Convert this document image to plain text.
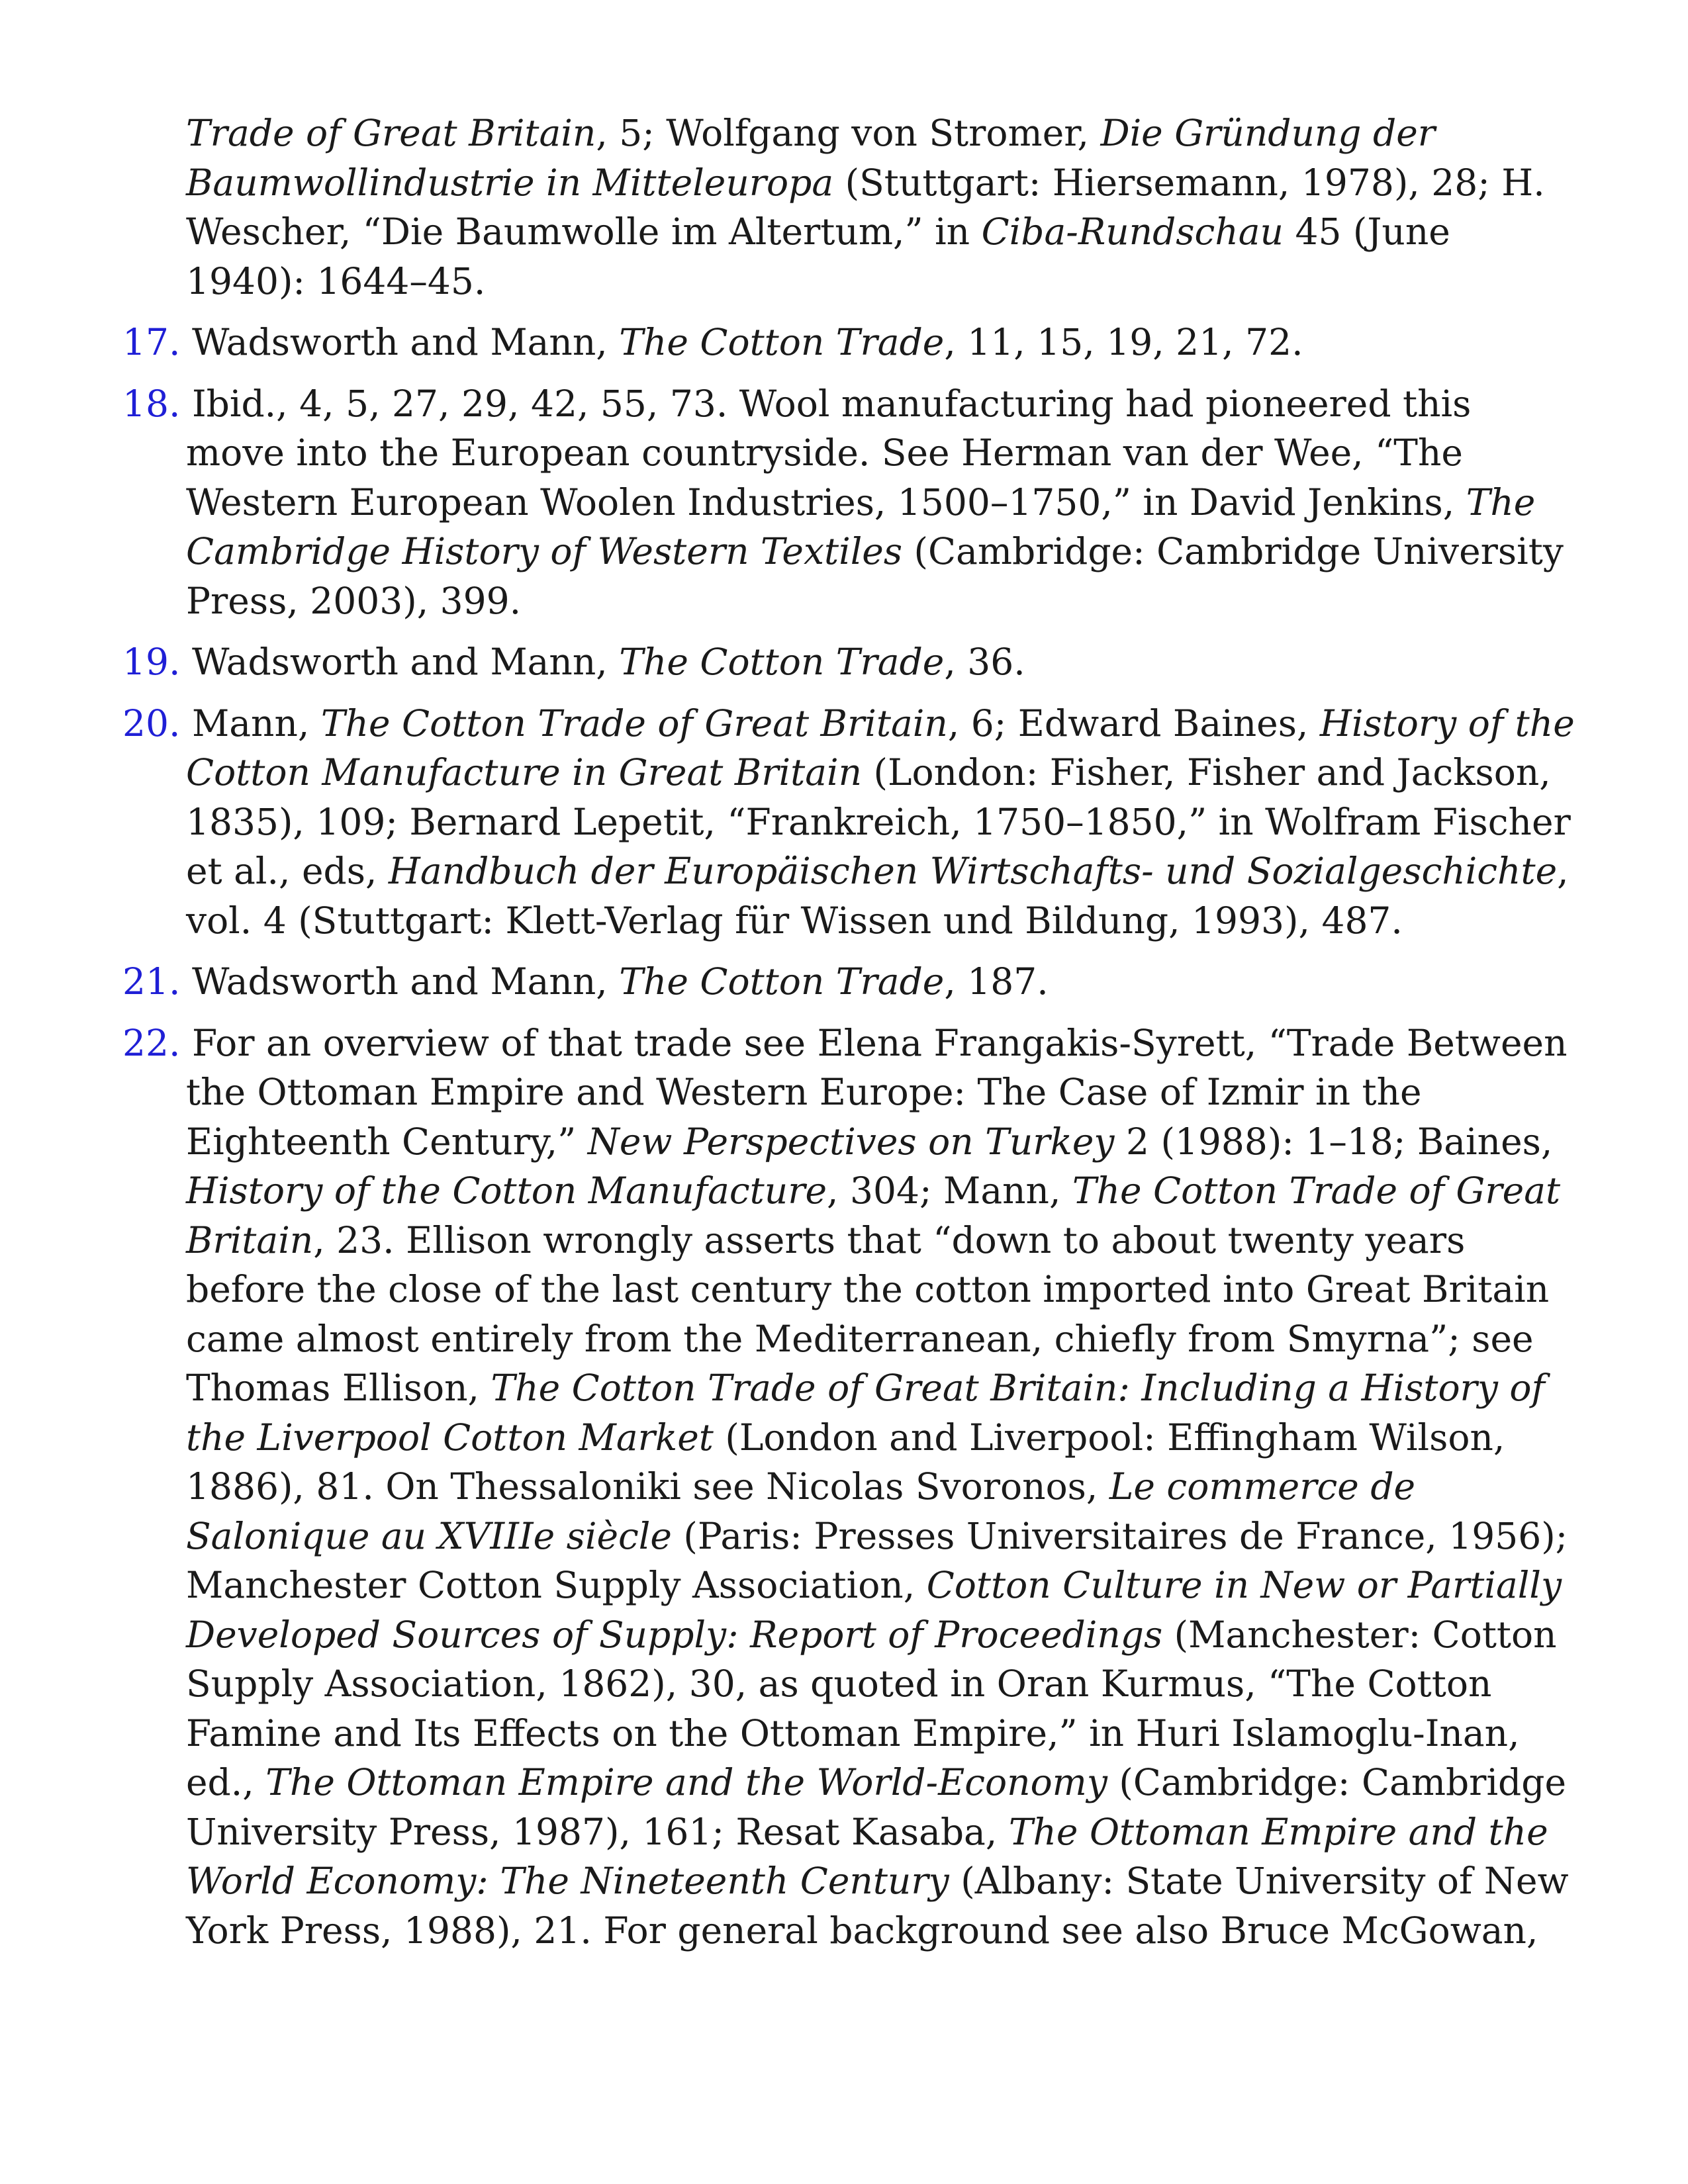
Trade of Great Britain, 5; Wolfgang von Stromer, Die Gründung der Baumwollindustrie in Mitteleuropa (Stuttgart: Hiersemann, 1978), 28; H. Wescher, “Die Baumwolle im Altertum,” in Ciba-Rundschau 45 (June 1940): 1644–45.

17. Wadsworth and Mann, The Cotton Trade, 11, 15, 19, 21, 72.

18. Ibid., 4, 5, 27, 29, 42, 55, 73. Wool manufacturing had pioneered this move into the European countryside. See Herman van der Wee, “The Western European Woolen Industries, 1500–1750,” in David Jenkins, The Cambridge History of Western Textiles (Cambridge: Cambridge University Press, 2003), 399.

19. Wadsworth and Mann, The Cotton Trade, 36.

20. Mann, The Cotton Trade of Great Britain, 6; Edward Baines, History of the Cotton Manufacture in Great Britain (London: Fisher, Fisher and Jackson, 1835), 109; Bernard Lepetit, “Frankreich, 1750–1850,” in Wolfram Fischer et al., eds, Handbuch der Europäischen Wirtschafts- und Sozialgeschichte, vol. 4 (Stuttgart: Klett-Verlag für Wissen und Bildung, 1993), 487.

21. Wadsworth and Mann, The Cotton Trade, 187.

22. For an overview of that trade see Elena Frangakis-Syrett, “Trade Between the Ottoman Empire and Western Europe: The Case of Izmir in the Eighteenth Century,” New Perspectives on Turkey 2 (1988): 1–18; Baines, History of the Cotton Manufacture, 304; Mann, The Cotton Trade of Great Britain, 23. Ellison wrongly asserts that “down to about twenty years before the close of the last century the cotton imported into Great Britain came almost entirely from the Mediterranean, chiefly from Smyrna”; see Thomas Ellison, The Cotton Trade of Great Britain: Including a History of the Liverpool Cotton Market (London and Liverpool: Effingham Wilson, 1886), 81. On Thessaloniki see Nicolas Svoronos, Le commerce de Salonique au XVIIIe siècle (Paris: Presses Universitaires de France, 1956); Manchester Cotton Supply Association, Cotton Culture in New or Partially Developed Sources of Supply: Report of Proceedings (Manchester: Cotton Supply Association, 1862), 30, as quoted in Oran Kurmus, “The Cotton Famine and Its Effects on the Ottoman Empire,” in Huri Islamoglu-Inan, ed., The Ottoman Empire and the World-Economy (Cambridge: Cambridge University Press, 1987), 161; Resat Kasaba, The Ottoman Empire and the World Economy: The Nineteenth Century (Albany: State University of New York Press, 1988), 21. For general background see also Bruce McGowan,
